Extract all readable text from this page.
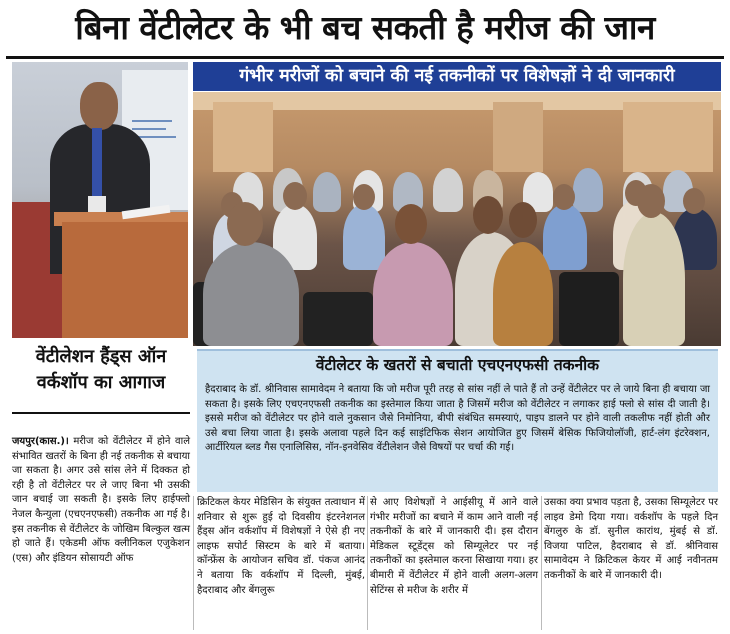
बिना वेंटीलेटर के भी बच सकती है मरीज की जान
गंभीर मरीजों को बचाने की नई तकनीकों पर विशेषज्ञों ने दी जानकारी
वेंटीलेशन हैंड्स ऑन वर्कशॉप का आगाज
वेंटीलेटर के खतरों से बचाती एचएनएफसी तकनीक
हैदराबाद के डॉ. श्रीनिवास सामावेदम ने बताया कि जो मरीज पूरी तरह से सांस नहीं ले पाते हैं तो उन्हें वेंटीलेटर पर ले जाये बिना ही बचाया जा सकता है। इसके लिए एचएनएफसी तकनीक का इस्तेमाल किया जाता है जिसमें मरीज को वेंटीलेटर न लगाकर हाई फ्लो से सांस दी जाती है। इससे मरीज को वेंटीलेटर पर होने वाले नुकसान जैसे निमोनिया, बीपी संबंधित समस्याएं, पाइप डालने पर होने वाली तकलीफ नहीं होती और उसे बचा लिया जाता है। इसके अलावा पहले दिन कई साइंटिफिक सेशन आयोजित हुए जिसमें बेसिक फिजियोलॉजी, हार्ट-लंग इंटरेक्शन, आर्टीरियल ब्लड गैस एनालिसिस, नॉन-इनवेसिव वेंटीलेशन जैसे विषयों पर चर्चा की गई।

जयपुर(कास.)। मरीज को वेंटीलेटर में होने वाले संभावित खतरों के बिना ही नई तकनीक से बचाया जा सकता है। अगर उसे सांस लेने में दिक्कत हो रही है तो वेंटीलेटर पर ले जाए बिना भी उसकी जान बचाई जा सकती है। इसके लिए हाईफ्लो नेजल कैन्युला (एचएनएफसी) तकनीक आ गई है। इस तकनीक से वेंटीलेटर के जोखिम बिल्कुल खत्म हो जाते हैं। एकेडमी ऑफ क्लीनिकल एजुकेशन (एस) और इंडियन सोसायटी ऑफ

क्रिटिकल केयर मेडिसिन के संयुक्त तत्वाधान में शनिवार से शुरू हुई दो दिवसीय इंटरनेशनल हैंड्स ऑन वर्कशॉप में विशेषज्ञों ने ऐसे ही नए लाइफ सपोर्ट सिस्टम के बारे में बताया। कॉन्फ्रेंस के आयोजन सचिव डॉ. पंकज आनंद ने बताया कि वर्कशॉप में दिल्ली, मुंबई, हैदराबाद और बेंगलुरू

से आए विशेषज्ञों ने आईसीयू में आने वाले गंभीर मरीजों का बचाने में काम आने वाली नई तकनीकों के बारे में जानकारी दी। इस दौरान मेडिकल स्टूडेंट्स को सिम्यूलेटर पर नई तकनीकों का इस्तेमाल करना सिखाया गया। हर बीमारी में वेंटीलेटर में होने वाली अलग-अलग सेटिंग्स से मरीज के शरीर में

उसका क्या प्रभाव पड़ता है, उसका सिम्यूलेटर पर लाइव डेमो दिया गया। वर्कशॉप के पहले दिन बेंगलुरु के डॉ. सुनील कारांथ, मुंबई से डॉ. विजया पाटिल, हैदराबाद से डॉ. श्रीनिवास सामावेदम ने क्रिटिकल केयर में आई नवीनतम तकनीकों के बारे में जानकारी दी।
